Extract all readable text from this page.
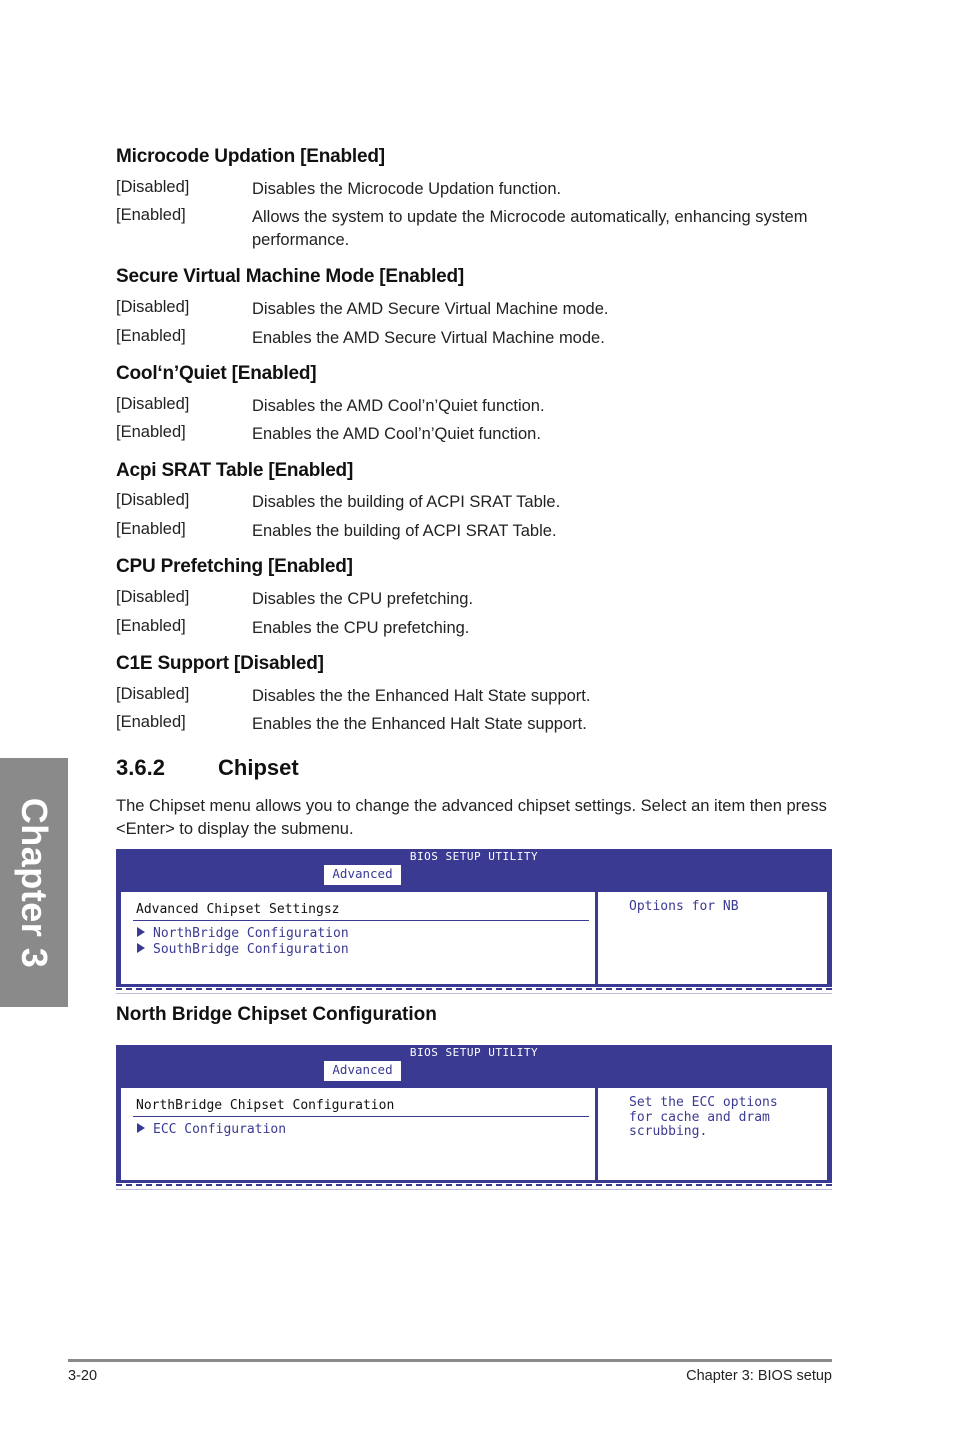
Microcode Updation [Enabled]
[Disabled]	Disables the Microcode Updation function.
[Enabled]	Allows the system to update the Microcode automatically, enhancing system performance.
Secure Virtual Machine Mode [Enabled]
[Disabled]	Disables the AMD Secure Virtual Machine mode.
[Enabled]	Enables the AMD Secure Virtual Machine mode.
Cool‘n’Quiet [Enabled]
[Disabled]	Disables the AMD Cool’n’Quiet function.
[Enabled]	Enables the AMD Cool’n’Quiet function.
Acpi SRAT Table [Enabled]
[Disabled]	Disables the building of ACPI SRAT Table.
[Enabled]	Enables the building of ACPI SRAT Table.
CPU Prefetching [Enabled]
[Disabled]	Disables the CPU prefetching.
[Enabled]	Enables the CPU prefetching.
C1E Support [Disabled]
[Disabled]	Disables the the Enhanced Halt State support.
[Enabled]	Enables the the Enhanced Halt State support.
Chapter 3
3.6.2 Chipset
The Chipset menu allows you to change the advanced chipset settings. Select an item then press <Enter> to display the submenu.
BIOS SETUP UTILITY
Advanced
Advanced Chipset Settingsz
NorthBridge Configuration
SouthBridge Configuration
Options for NB
North Bridge Chipset Configuration
BIOS SETUP UTILITY
Advanced
NorthBridge Chipset Configuration
ECC Configuration
Set the ECC options
for cache and dram
scrubbing.
3-20	Chapter 3: BIOS setup
